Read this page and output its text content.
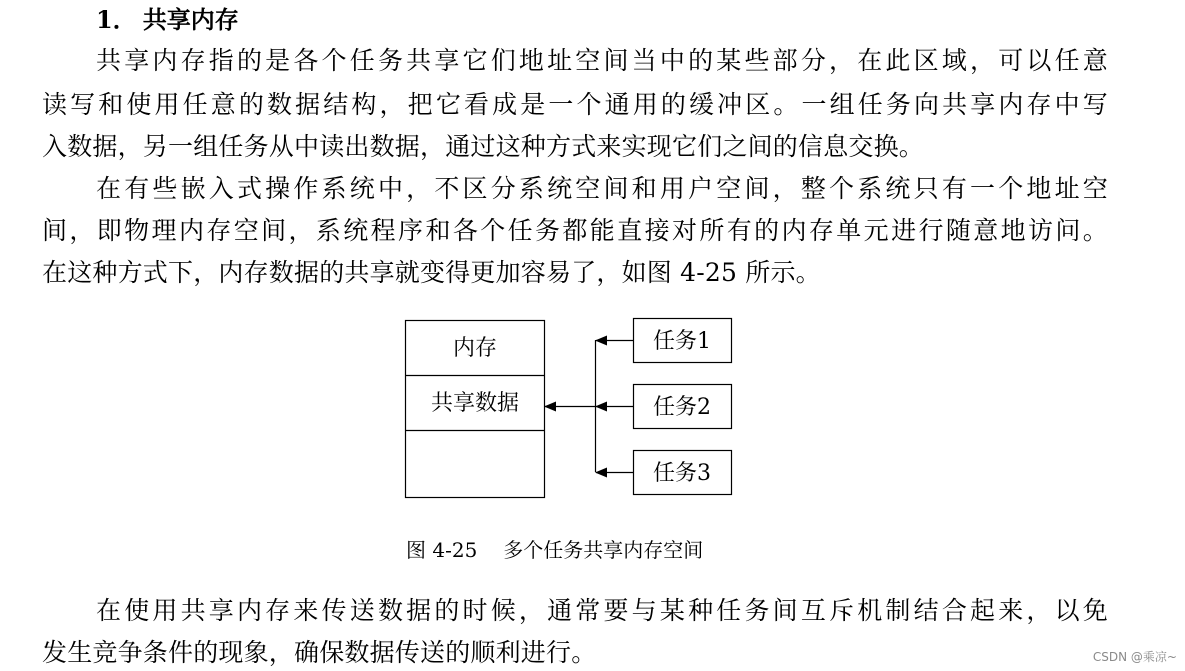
1． 共享内存
共享内存指的是各个任务共享它们地址空间当中的某些部分，在此区域，可以任意
读写和使用任意的数据结构，把它看成是一个通用的缓冲区。一组任务向共享内存中写
入数据，另一组任务从中读出数据，通过这种方式来实现它们之间的信息交换。
在有些嵌入式操作系统中，不区分系统空间和用户空间，整个系统只有一个地址空
间，即物理内存空间，系统程序和各个任务都能直接对所有的内存单元进行随意地访问。
在这种方式下，内存数据的共享就变得更加容易了，如图 4-25 所示。
内存
共享数据
任务1
任务2
任务3
图 4-25 多个任务共享内存空间
在使用共享内存来传送数据的时候，通常要与某种任务间互斥机制结合起来，以免
发生竞争条件的现象，确保数据传送的顺利进行。	CSDN @乘凉~
